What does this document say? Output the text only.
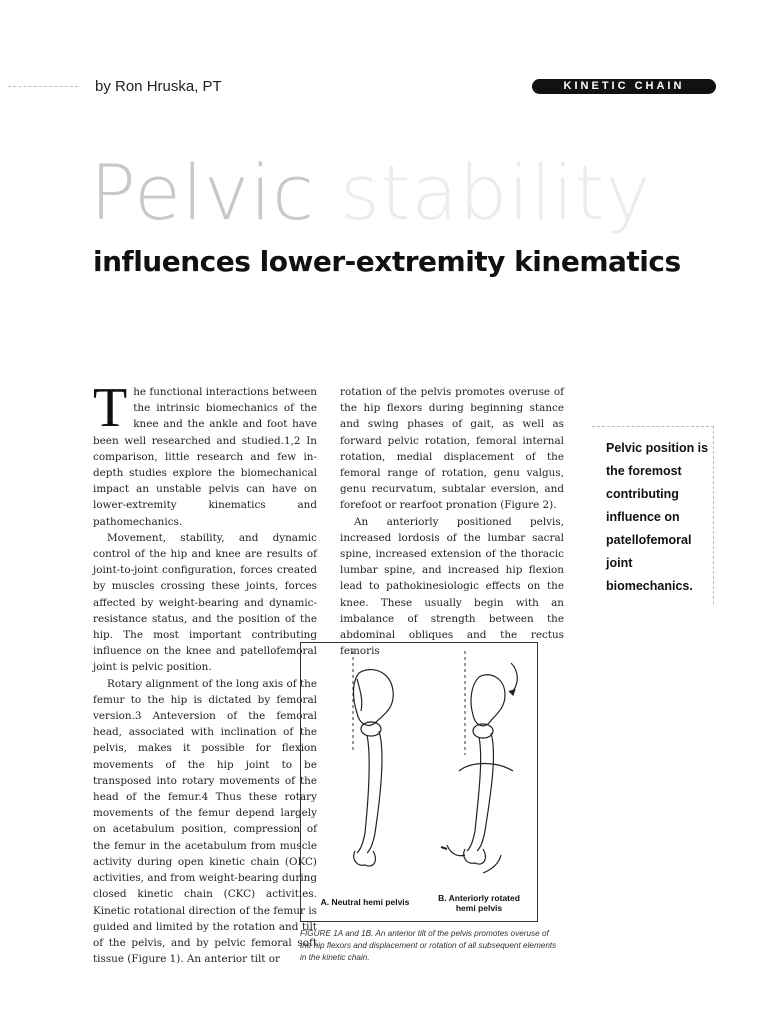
by Ron Hruska, PT	KINETIC CHAIN
Pelvic stability
influences lower-extremity kinematics
T he functional interactions between the intrinsic biomechanics of the knee and the ankle and foot have been well researched and studied.1,2 In comparison, little research and few in-depth studies explore the biomechanical impact an unstable pelvis can have on lower-extremity kinematics and pathomechanics.

Movement, stability, and dynamic control of the hip and knee are results of joint-to-joint configuration, forces created by muscles crossing these joints, forces affected by weight-bearing and dynamic-resistance status, and the position of the hip. The most important contributing influence on the knee and patellofemoral joint is pelvic position.

Rotary alignment of the long axis of the femur to the hip is dictated by femoral version.3 Anteversion of the femoral head, associated with inclination of the pelvis, makes it possible for flexion movements of the hip joint to be transposed into rotary movements of the head of the femur.4 Thus these rotary movements of the femur depend largely on acetabulum position, compression of the femur in the acetabulum from muscle activity during open kinetic chain (OKC) activities, and from weight-bearing during closed kinetic chain (CKC) activities. Kinetic rotational direction of the femur is guided and limited by the rotation and tilt of the pelvis, and by pelvic femoral soft tissue (Figure 1). An anterior tilt or

rotation of the pelvis promotes overuse of the hip flexors during beginning stance and swing phases of gait, as well as forward pelvic rotation, femoral internal rotation, medial displacement of the femoral range of rotation, genu valgus, genu recurvatum, subtalar eversion, and forefoot or rearfoot pronation (Figure 2).

An anteriorly positioned pelvis, increased lordosis of the lumbar sacral spine, increased extension of the thoracic lumbar spine, and increased hip flexion lead to pathokinesiologic effects on the knee. These usually begin with an imbalance of strength between the abdominal obliques and the rectus femoris

Pelvic position is the foremost contributing influence on patellofemoral joint biomechanics.
A. Neutral hemi pelvis	B. Anteriorly rotated hemi pelvis
FIGURE 1A and 1B. An anterior tilt of the pelvis promotes overuse of the hip flexors and displacement or rotation of all subsequent elements in the kinetic chain.
